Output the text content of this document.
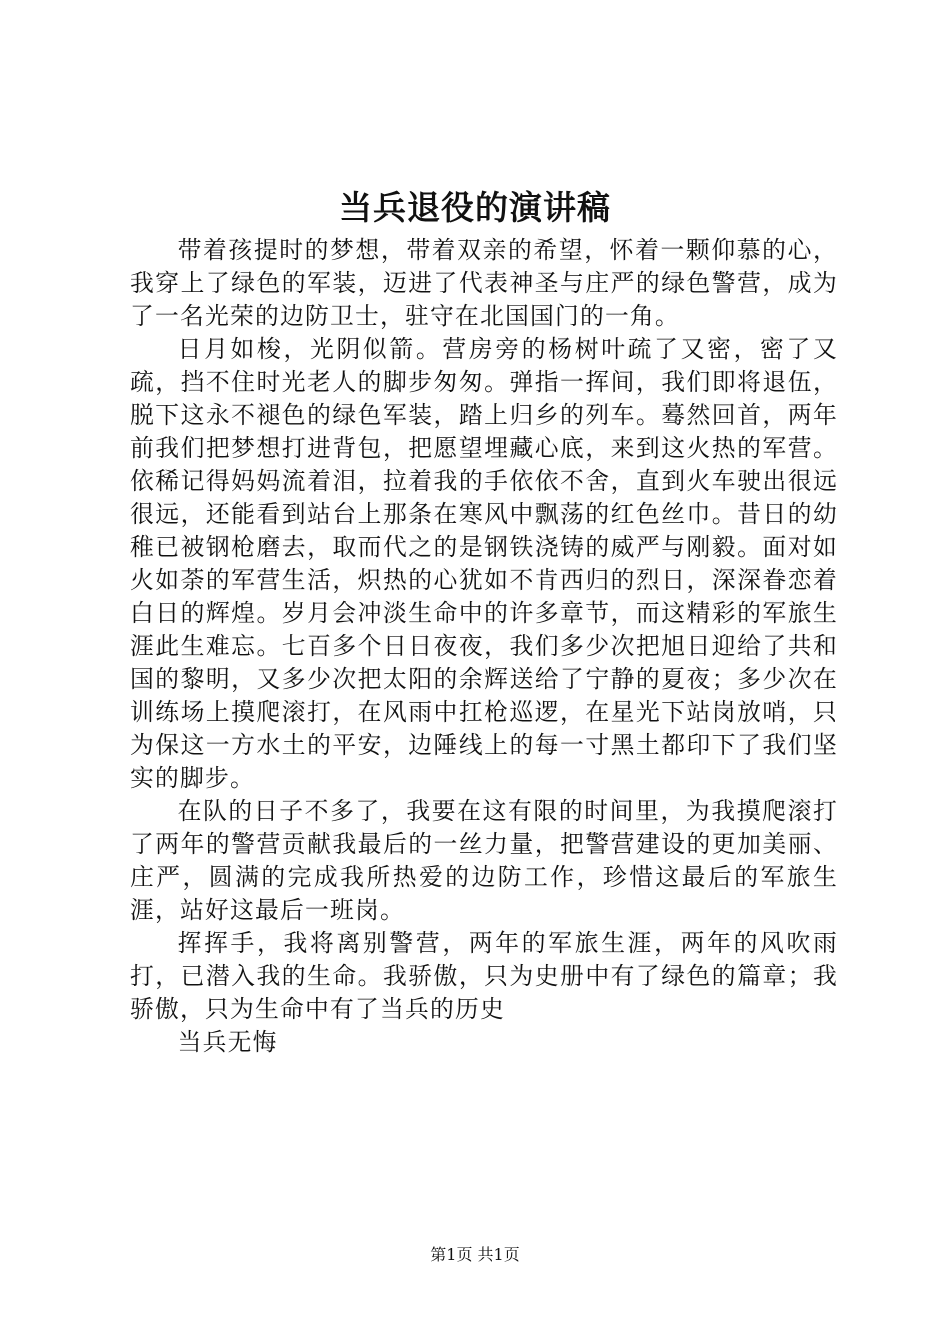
当兵退役的演讲稿

带着孩提时的梦想，带着双亲的希望，怀着一颗仰慕的心，我穿上了绿色的军装，迈进了代表神圣与庄严的绿色警营，成为了一名光荣的边防卫士，驻守在北国国门的一角。

日月如梭，光阴似箭。营房旁的杨树叶疏了又密，密了又疏，挡不住时光老人的脚步匆匆。弹指一挥间，我们即将退伍，脱下这永不褪色的绿色军装，踏上归乡的列车。蓦然回首，两年前我们把梦想打进背包，把愿望埋藏心底，来到这火热的军营。依稀记得妈妈流着泪，拉着我的手依依不舍，直到火车驶出很远很远，还能看到站台上那条在寒风中飘荡的红色丝巾。昔日的幼稚已被钢枪磨去，取而代之的是钢铁浇铸的威严与刚毅。面对如火如荼的军营生活，炽热的心犹如不肯西归的烈日，深深眷恋着白日的辉煌。岁月会冲淡生命中的许多章节，而这精彩的军旅生涯此生难忘。七百多个日日夜夜，我们多少次把旭日迎给了共和国的黎明，又多少次把太阳的余辉送给了宁静的夏夜；多少次在训练场上摸爬滚打，在风雨中扛枪巡逻，在星光下站岗放哨，只为保这一方水土的平安，边陲线上的每一寸黑土都印下了我们坚实的脚步。

在队的日子不多了，我要在这有限的时间里，为我摸爬滚打了两年的警营贡献我最后的一丝力量，把警营建设的更加美丽、庄严，圆满的完成我所热爱的边防工作，珍惜这最后的军旅生涯，站好这最后一班岗。

挥挥手，我将离别警营，两年的军旅生涯，两年的风吹雨打，已潜入我的生命。我骄傲，只为史册中有了绿色的篇章；我骄傲，只为生命中有了当兵的历史

当兵无悔

第1页 共1页
